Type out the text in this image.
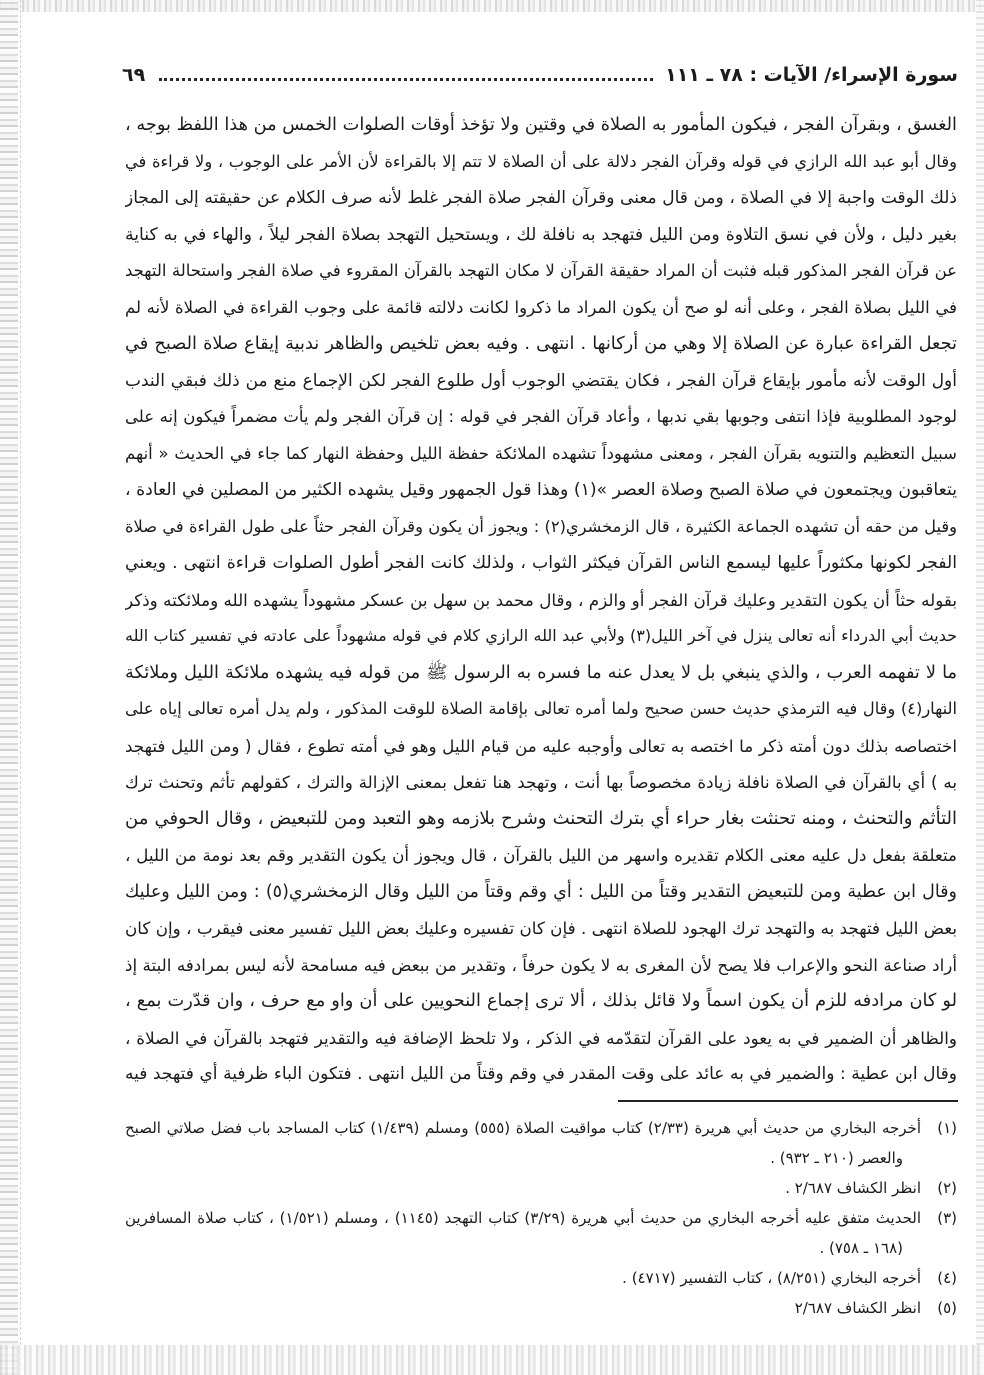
سورة الإسراء/ الآيات : ٧٨ ـ ١١١
٦٩
الغسق ، وبقرآن الفجر ، فيكون المأمور به الصلاة في وقتين ولا تؤخذ أوقات الصلوات الخمس من هذا اللفظ بوجه ،
وقال أبو عبد الله الرازي في قوله وقرآن الفجر دلالة على أن الصلاة لا تتم إلا بالقراءة لأن الأمر على الوجوب ، ولا قراءة في
ذلك الوقت واجبة إلا في الصلاة ، ومن قال معنى وقرآن الفجر صلاة الفجر غلط لأنه صرف الكلام عن حقيقته إلى المجاز
بغير دليل ، ولأن في نسق التلاوة ومن الليل فتهجد به نافلة لك ، ويستحيل التهجد بصلاة الفجر ليلاً ، والهاء في به كناية
عن قرآن الفجر المذكور قبله فثبت أن المراد حقيقة القرآن لا مكان التهجد بالقرآن المقروء في صلاة الفجر واستحالة التهجد
في الليل بصلاة الفجر ، وعلى أنه لو صح أن يكون المراد ما ذكروا لكانت دلالته قائمة على وجوب القراءة في الصلاة لأنه لم
تجعل القراءة عبارة عن الصلاة إلا وهي من أركانها . انتهى . وفيه بعض تلخيص والظاهر ندبية إيقاع صلاة الصبح في
أول الوقت لأنه مأمور بإيقاع قرآن الفجر ، فكان يقتضي الوجوب أول طلوع الفجر لكن الإجماع منع من ذلك فبقي الندب
لوجود المطلوبية فإذا انتفى وجوبها بقي ندبها ، وأعاد قرآن الفجر في قوله : إن قرآن الفجر ولم يأت مضمراً فيكون إنه على
سبيل التعظيم والتنويه بقرآن الفجر ، ومعنى مشهوداً تشهده الملائكة حفظة الليل وحفظة النهار كما جاء في الحديث « أنهم
يتعاقبون ويجتمعون في صلاة الصبح وصلاة العصر »(١) وهذا قول الجمهور وقيل يشهده الكثير من المصلين في العادة ،
وقيل من حقه أن تشهده الجماعة الكثيرة ، قال الزمخشري(٢) : ويجوز أن يكون وقرآن الفجر حثاً على طول القراءة في صلاة
الفجر لكونها مكثوراً عليها ليسمع الناس القرآن فيكثر الثواب ، ولذلك كانت الفجر أطول الصلوات قراءة انتهى . ويعني
بقوله حثاً أن يكون التقدير وعليك قرآن الفجر أو والزم ، وقال محمد بن سهل بن عسكر مشهوداً يشهده الله وملائكته وذكر
حديث أبي الدرداء أنه تعالى ينزل في آخر الليل(٣) ولأبي عبد الله الرازي كلام في قوله مشهوداً على عادته في تفسير كتاب الله
ما لا تفهمه العرب ، والذي ينبغي بل لا يعدل عنه ما فسره به الرسول ﷺ من قوله فيه يشهده ملائكة الليل وملائكة
النهار(٤) وقال فيه الترمذي حديث حسن صحيح ولما أمره تعالى بإقامة الصلاة للوقت المذكور ، ولم يدل أمره تعالى إياه على
اختصاصه بذلك دون أمته ذكر ما اختصه به تعالى وأوجبه عليه من قيام الليل وهو في أمته تطوع ، فقال ( ومن الليل فتهجد
به ) أي بالقرآن في الصلاة نافلة زيادة مخصوصاً بها أنت ، وتهجد هنا تفعل بمعنى الإزالة والترك ، كقولهم تأثم وتحنث ترك
التأثم والتحنث ، ومنه تحنثت بغار حراء أي بترك التحنث وشرح بلازمه وهو التعبد ومن للتبعيض ، وقال الحوفي من
متعلقة بفعل دل عليه معنى الكلام تقديره واسهر من الليل بالقرآن ، قال ويجوز أن يكون التقدير وقم بعد نومة من الليل ،
وقال ابن عطية ومن للتبعيض التقدير وقتاً من الليل : أي وقم وقتاً من الليل وقال الزمخشري(٥) : ومن الليل وعليك
بعض الليل فتهجد به والتهجد ترك الهجود للصلاة انتهى . فإن كان تفسيره وعليك بعض الليل تفسير معنى فيقرب ، وإن كان
أراد صناعة النحو والإعراب فلا يصح لأن المغرى به لا يكون حرفاً ، وتقدير من ببعض فيه مسامحة لأنه ليس بمرادفه البتة إذ
لو كان مرادفه للزم أن يكون اسماً ولا قائل بذلك ، ألا ترى إجماع النحويين على أن واو مع حرف ، وان قدّرت بمع ،
والظاهر أن الضمير في به يعود على القرآن لتقدّمه في الذكر ، ولا تلحظ الإضافة فيه والتقدير فتهجد بالقرآن في الصلاة ،
وقال ابن عطية : والضمير في به عائد على وقت المقدر في وقم وقتاً من الليل انتهى . فتكون الباء ظرفية أي فتهجد فيه
(١)
أخرجه البخاري من حديث أبي هريرة (٢/٣٣) كتاب مواقيت الصلاة (٥٥٥) ومسلم (١/٤٣٩) كتاب المساجد باب فضل صلاتي الصبح
والعصر (٢١٠ ـ ٩٣٢) .
(٢)
انظر الكشاف ٢/٦٨٧ .
(٣)
الحديث متفق عليه أخرجه البخاري من حديث أبي هريرة (٣/٢٩) كتاب التهجد (١١٤٥) ، ومسلم (١/٥٢١) ، كتاب صلاة المسافرين
(١٦٨ ـ ٧٥٨) .
(٤)
أخرجه البخاري (٨/٢٥١) ، كتاب التفسير (٤٧١٧) .
(٥)
انظر الكشاف ٢/٦٨٧
